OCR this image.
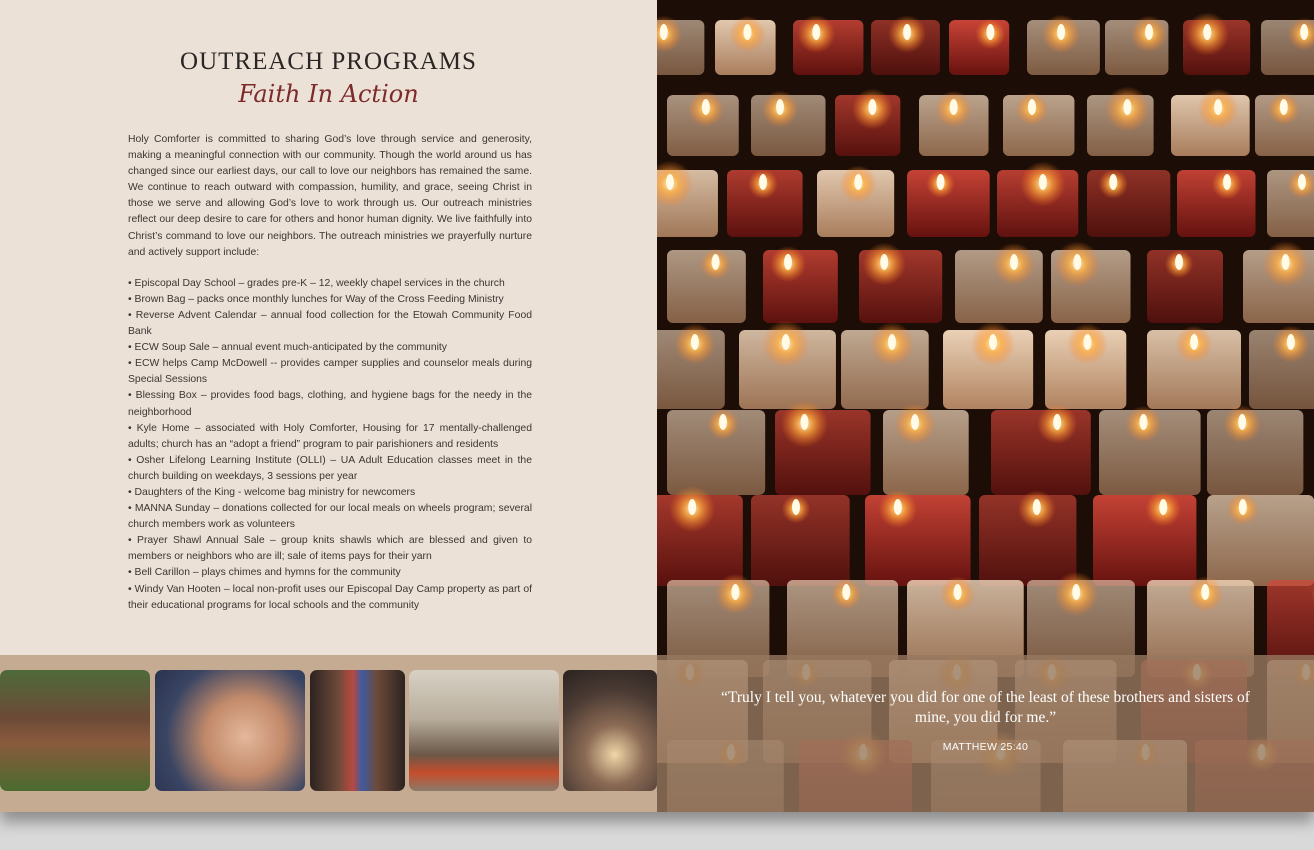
OUTREACH PROGRAMS
Faith In Action

Holy Comforter is committed to sharing God’s love through service and generosity, making a meaningful connection with our community. Though the world around us has changed since our earliest days, our call to love our neighbors has remained the same. We continue to reach outward with compassion, humility, and grace, seeing Christ in those we serve and allowing God’s love to work through us. Our outreach ministries reflect our deep desire to care for others and honor human dignity. We live faithfully into Christ’s command to love our neighbors. The outreach ministries we prayerfully nurture and actively support include:

• Episcopal Day School – grades pre-K – 12, weekly chapel services in the church
• Brown Bag – packs once monthly lunches for Way of the Cross Feeding Ministry
• Reverse Advent Calendar – annual food collection for the Etowah Community Food Bank
• ECW Soup Sale – annual event much-anticipated by the community
• ECW helps Camp McDowell -- provides camper supplies and counselor meals during Special Sessions
• Blessing Box – provides food bags, clothing, and hygiene bags for the needy in the neighborhood
• Kyle Home – associated with Holy Comforter, Housing for 17 mentally-challenged adults; church has an “adopt a friend” program to pair parishioners and residents
• Osher Lifelong Learning Institute (OLLI) – UA Adult Education classes meet in the church building on weekdays, 3 sessions per year
• Daughters of the King - welcome bag ministry for newcomers
• MANNA Sunday – donations collected for our local meals on wheels program; several church members work as volunteers
• Prayer Shawl Annual Sale – group knits shawls which are blessed and given to members or neighbors who are ill; sale of items pays for their yarn
• Bell Carillon – plays chimes and hymns for the community
• Windy Van Hooten – local non-profit uses our Episcopal Day Camp property as part of their educational programs for local schools and the community
“Truly I tell you, whatever you did for one of the least of these brothers and sisters of mine, you did for me.”
MATTHEW 25:40
